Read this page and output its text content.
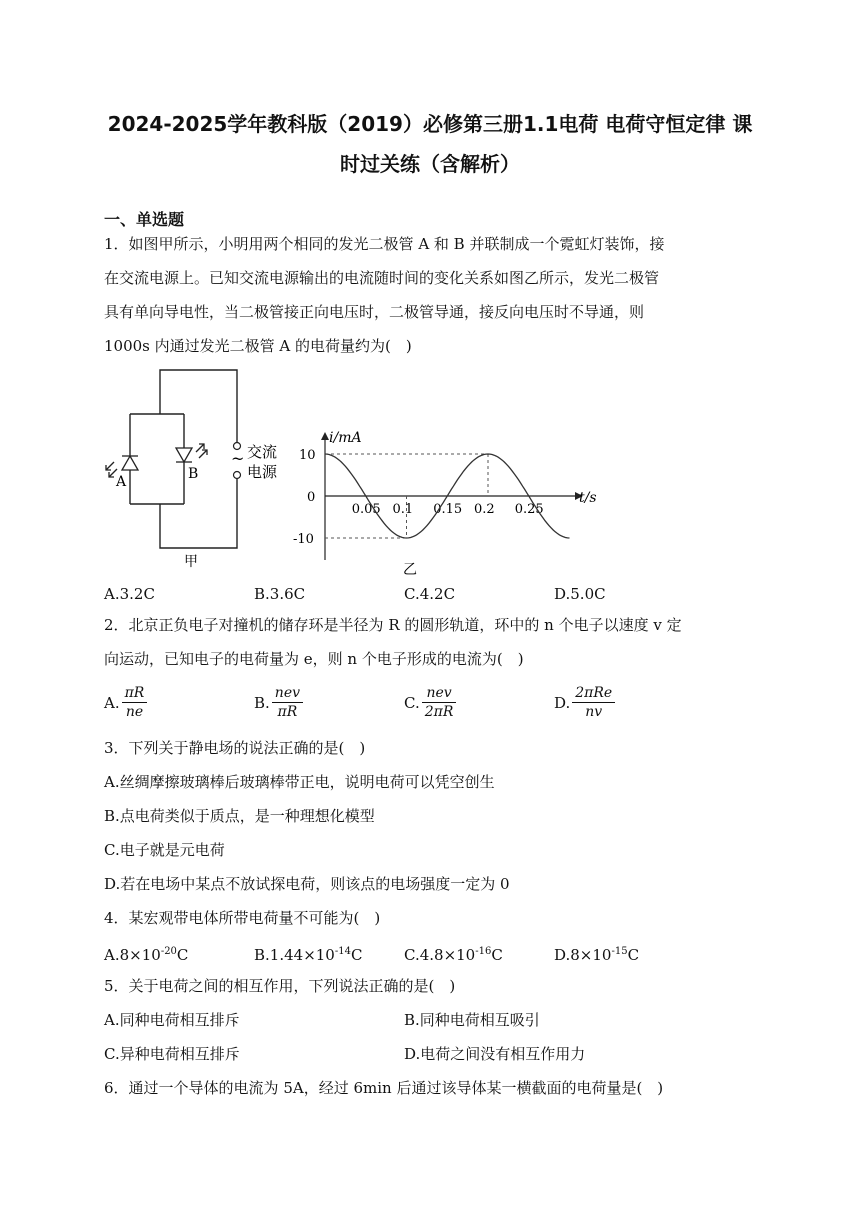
2024-2025学年教科版（2019）必修第三册1.1电荷 电荷守恒定律 课
时过关练（含解析）
一、单选题
1．如图甲所示，小明用两个相同的发光二极管 A 和 B 并联制成一个霓虹灯装饰，接
在交流电源上。已知交流电源输出的电流随时间的变化关系如图乙所示，发光二极管
具有单向导电性，当二极管接正向电压时，二极管导通，接反向电压时不导通，则
1000s 内通过发光二极管 A 的电荷量约为(　)
~ 交流
电源
A	B
甲
i/mA
t/s
10
0
-10
0.05 0.1 0.15 0.2 0.25
乙
A.3.2C	B.3.6C	C.4.2C	D.5.0C
2．北京正负电子对撞机的储存环是半径为 R 的圆形轨道，环中的 n 个电子以速度 v 定
向运动，已知电子的电荷量为 e，则 n 个电子形成的电流为(　)
A. $\frac{\pi R}{ne}$	B. $\frac{\text{nev}}{\pi R}$	C. $\frac{\text{nev}}{2\pi R}$	D. $\frac{\text{2πRe}}{nv}$
3．下列关于静电场的说法正确的是(　)
A.丝绸摩擦玻璃棒后玻璃棒带正电，说明电荷可以凭空创生
B.点电荷类似于质点，是一种理想化模型
C.电子就是元电荷
D.若在电场中某点不放试探电荷，则该点的电场强度一定为 0
4．某宏观带电体所带电荷量不可能为(　)
$A.8\times 10^{-20}C$	$B.1.44\times 10^{-14}C$	$C.4.8\times 10^{-16}C$	$D.8\times 10^{-15}C$
5．关于电荷之间的相互作用，下列说法正确的是(　)
A.同种电荷相互排斥	B.同种电荷相互吸引
C.异种电荷相互排斥	D.电荷之间没有相互作用力
6．通过一个导体的电流为 5A，经过 6min 后通过该导体某一横截面的电荷量是(　)
